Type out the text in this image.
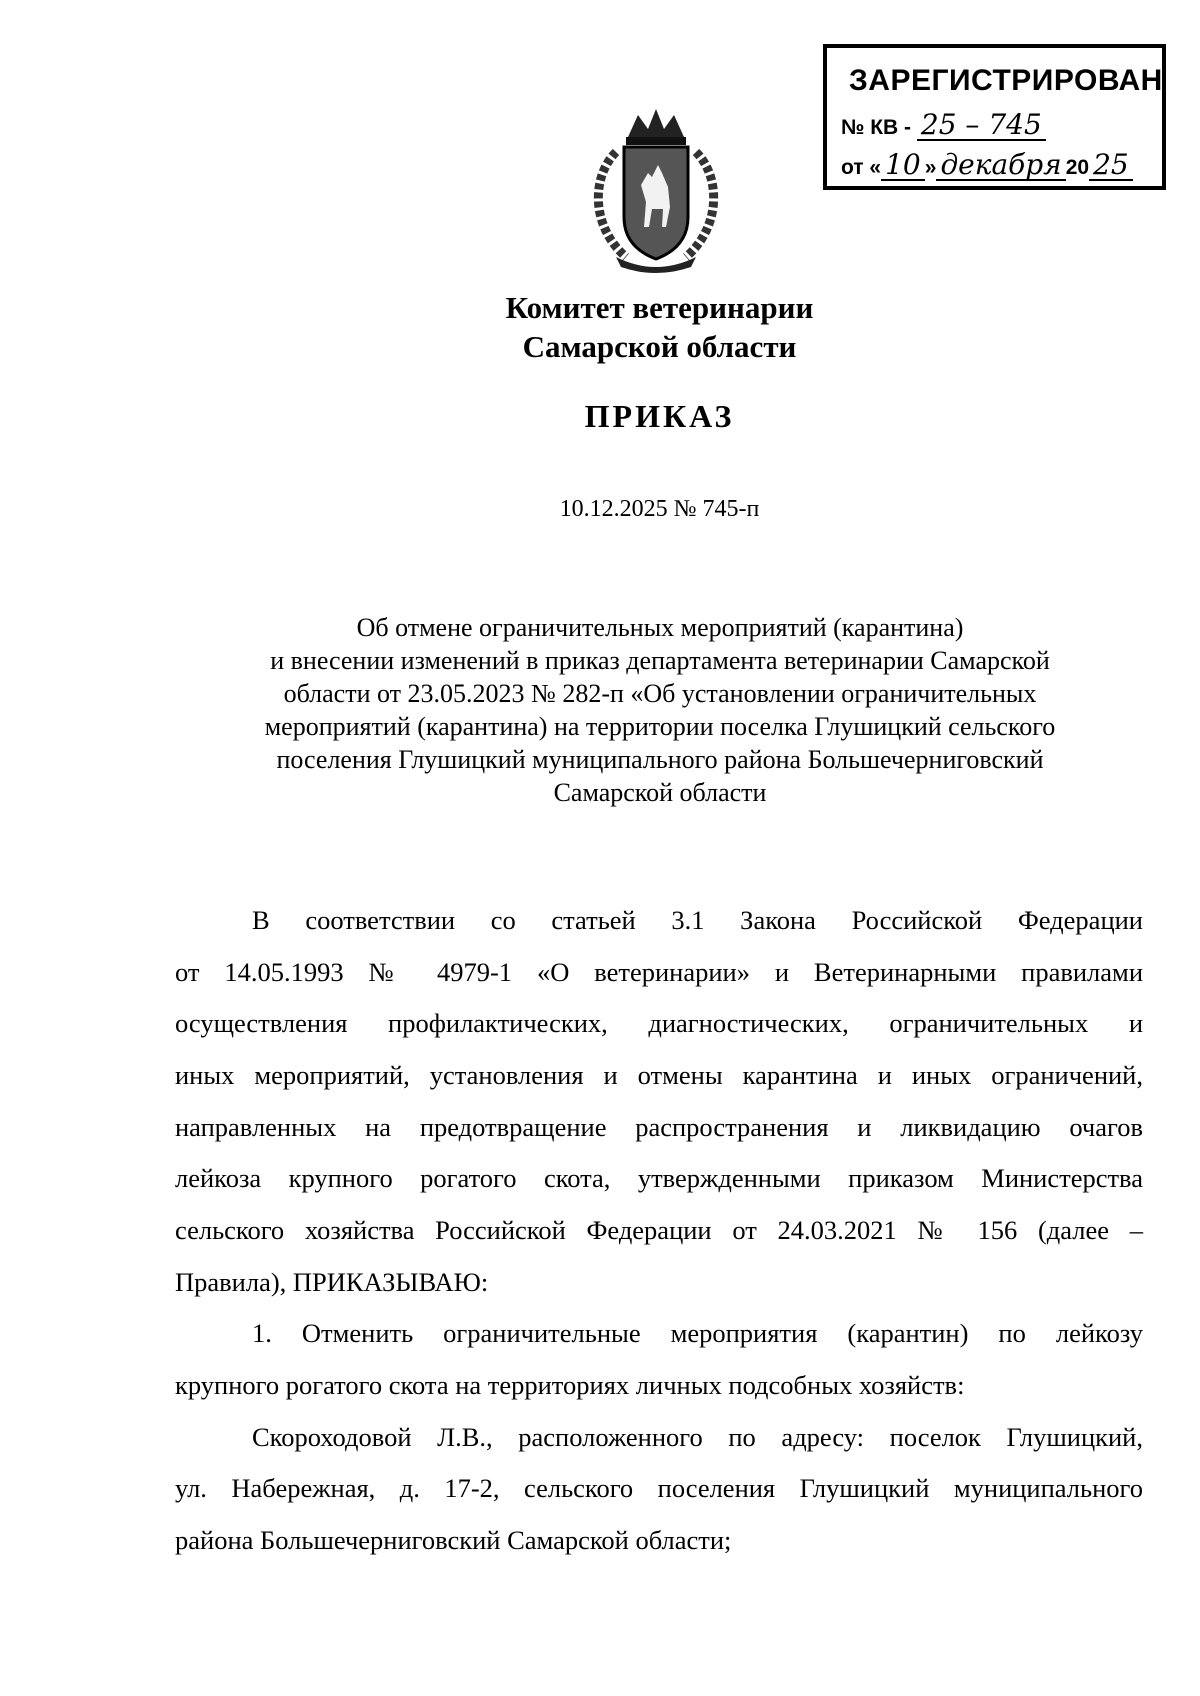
ЗАРЕГИСТРИРОВАН
№ КВ - 25 – 745
от « 10 » декабря 20 25
Комитет ветеринарии
Самарской области
ПРИКАЗ
10.12.2025 № 745-п
Об отмене ограничительных мероприятий (карантина)
и внесении изменений в приказ департамента ветеринарии Самарской
области от 23.05.2023 № 282-п «Об установлении ограничительных
мероприятий (карантина) на территории поселка Глушицкий сельского
поселения Глушицкий муниципального района Большечерниговский
Самарской области
В соответствии со статьей 3.1 Закона Российской Федерации
от 14.05.1993 № 4979-1 «О ветеринарии» и Ветеринарными правилами
осуществления профилактических, диагностических, ограничительных и
иных мероприятий, установления и отмены карантина и иных ограничений,
направленных на предотвращение распространения и ликвидацию очагов
лейкоза крупного рогатого скота, утвержденными приказом Министерства
сельского хозяйства Российской Федерации от 24.03.2021 № 156 (далее –
Правила), ПРИКАЗЫВАЮ:
1. Отменить ограничительные мероприятия (карантин) по лейкозу
крупного рогатого скота на территориях личных подсобных хозяйств:
Скороходовой Л.В., расположенного по адресу: поселок Глушицкий,
ул. Набережная, д. 17-2, сельского поселения Глушицкий муниципального
района Большечерниговский Самарской области;
